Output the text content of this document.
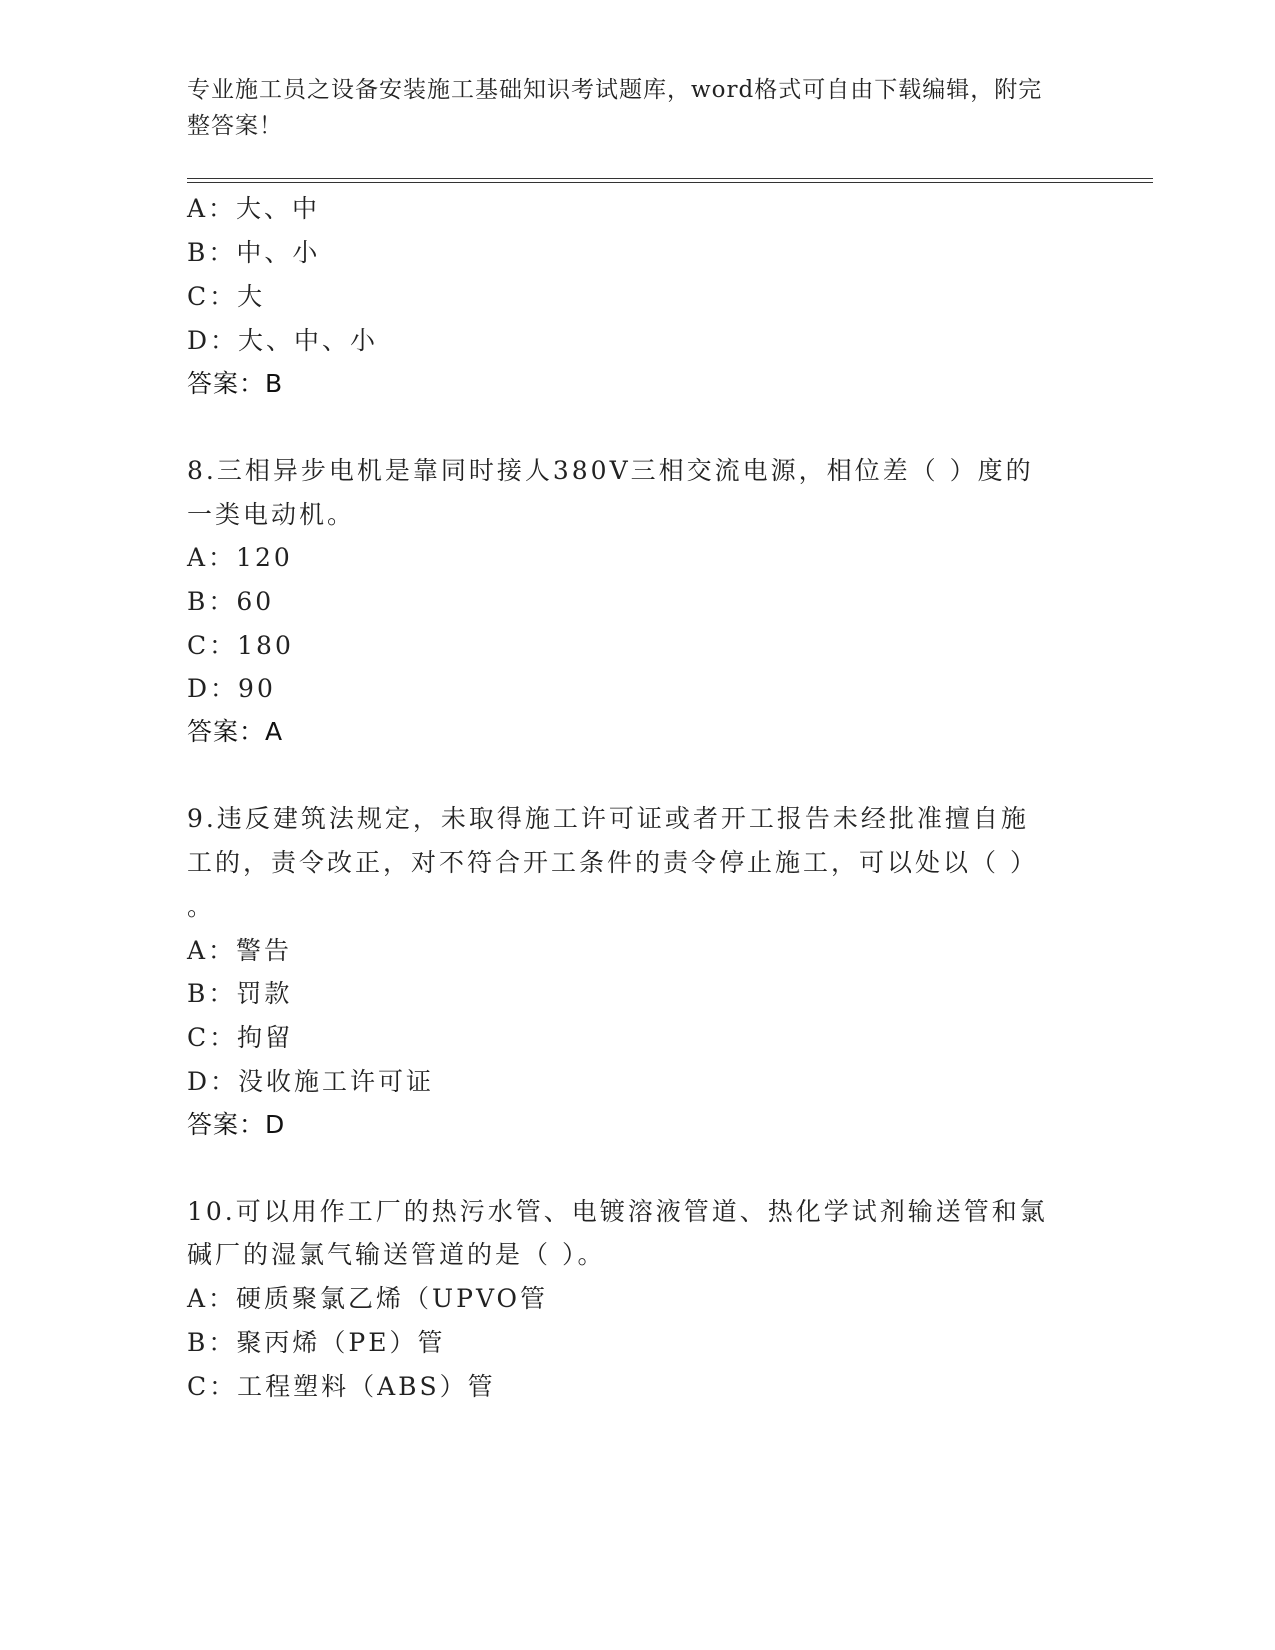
专业施工员之设备安装施工基础知识考试题库，word格式可自由下载编辑，附完
整答案！
A：大、中
B：中、小
C：大
D：大、中、小
答案：B
8.三相异步电机是靠同时接人380V三相交流电源，相位差（ ）度的
一类电动机。
A：120
B：60
C：180
D：90
答案：A
9.违反建筑法规定，未取得施工许可证或者开工报告未经批准擅自施
工的，责令改正，对不符合开工条件的责令停止施工，可以处以（ ）
。
A：警告
B：罚款
C：拘留
D：没收施工许可证
答案：D
10.可以用作工厂的热污水管、电镀溶液管道、热化学试剂输送管和氯
碱厂的湿氯气输送管道的是（ ）。
A：硬质聚氯乙烯（UPVO管
B：聚丙烯（PE）管
C：工程塑料（ABS）管
